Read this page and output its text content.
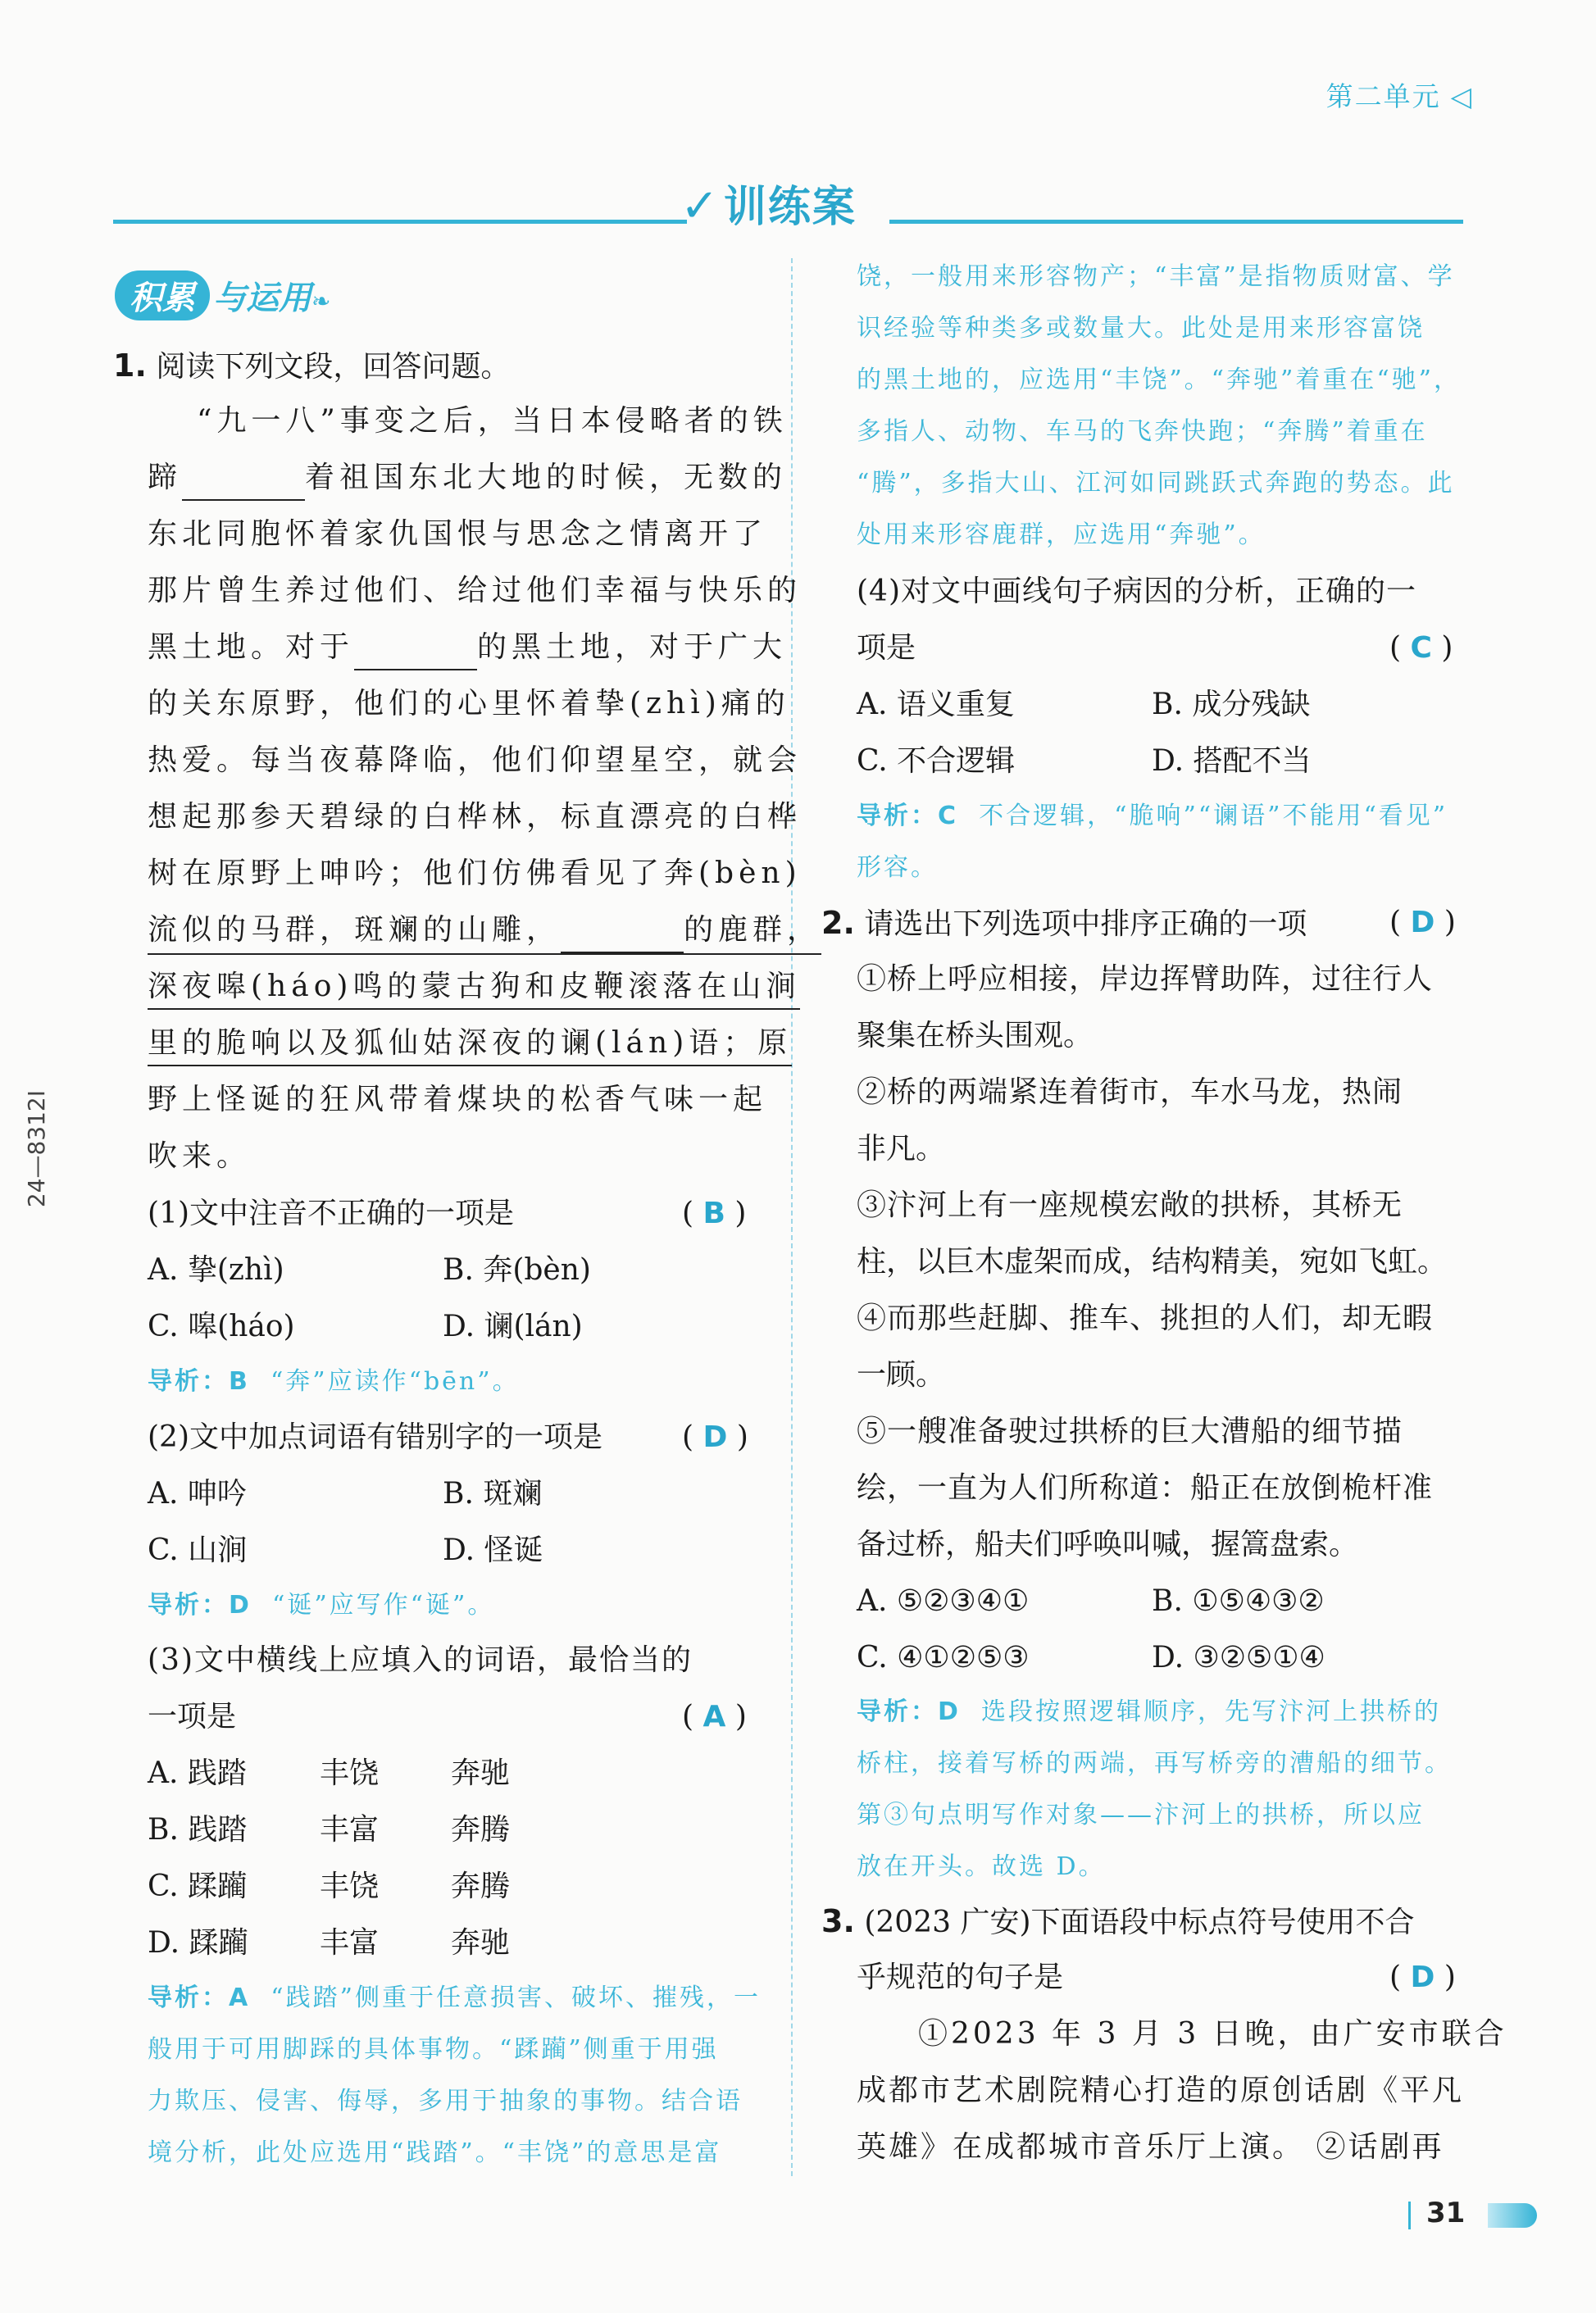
第二单元 ◁
✓训练案
积累 与运用❧
24—8312I
1. 阅读下列文段，回答问题。
“九一八”事变之后，当日本侵略者的铁
蹄	着祖国东北大地的时候，无数的
东北同胞怀着家仇国恨与思念之情离开了
那片曾生养过他们、给过他们幸福与快乐的
黑土地。对于	的黑土地，对于广大
的关东原野，他们的心里怀着挚(zhì)痛的
热爱。每当夜幕降临，他们仰望星空，就会
想起那参天碧绿的白桦林，标直漂亮的白桦
树在原野上呻吟；他们仿佛看见了奔(bèn)
流似的马群，斑斓的山雕，	的鹿群，
深夜嗥(háo)鸣的蒙古狗和皮鞭滚落在山涧
里的脆响以及狐仙姑深夜的谰(lán)语；原
野上怪诞的狂风带着煤块的松香气味一起
吹来。
(1)文中注音不正确的一项是	( B )
A. 挚(zhì)	B. 奔(bèn)
C. 嗥(háo)	D. 谰(lán)
导析：B “奔”应读作“bēn”。
(2)文中加点词语有错别字的一项是	( D )
A. 呻吟	B. 斑斓
C. 山涧	D. 怪诞
导析：D “诞”应写作“诞”。
(3)文中横线上应填入的词语，最恰当的
一项是	( A )
A. 践踏 丰饶 奔驰
B. 践踏 丰富 奔腾
C. 蹂躏 丰饶 奔腾
D. 蹂躏 丰富 奔驰
导析：A “践踏”侧重于任意损害、破坏、摧残，一
般用于可用脚踩的具体事物。“蹂躏”侧重于用强
力欺压、侵害、侮辱，多用于抽象的事物。结合语
境分析，此处应选用“践踏”。“丰饶”的意思是富
饶，一般用来形容物产；“丰富”是指物质财富、学
识经验等种类多或数量大。此处是用来形容富饶
的黑土地的，应选用“丰饶”。“奔驰”着重在“驰”，
多指人、动物、车马的飞奔快跑；“奔腾”着重在
“腾”，多指大山、江河如同跳跃式奔跑的势态。此
处用来形容鹿群，应选用“奔驰”。
(4)对文中画线句子病因的分析，正确的一
项是	( C )
A. 语义重复	B. 成分残缺
C. 不合逻辑	D. 搭配不当
导析：C 不合逻辑，“脆响”“谰语”不能用“看见”
形容。
2. 请选出下列选项中排序正确的一项	( D )
①桥上呼应相接，岸边挥臂助阵，过往行人
聚集在桥头围观。
②桥的两端紧连着街市，车水马龙，热闹
非凡。
③汴河上有一座规模宏敞的拱桥，其桥无
柱，以巨木虚架而成，结构精美，宛如飞虹。
④而那些赶脚、推车、挑担的人们，却无暇
一顾。
⑤一艘准备驶过拱桥的巨大漕船的细节描
绘，一直为人们所称道：船正在放倒桅杆准
备过桥，船夫们呼唤叫喊，握篙盘索。
A. ⑤②③④①	B. ①⑤④③②
C. ④①②⑤③	D. ③②⑤①④
导析：D 选段按照逻辑顺序，先写汴河上拱桥的
桥柱，接着写桥的两端，再写桥旁的漕船的细节。
第③句点明写作对象——汴河上的拱桥，所以应
放在开头。故选 D。
3. (2023 广安)下面语段中标点符号使用不合
乎规范的句子是	( D )
①2023 年 3 月 3 日晚，由广安市联合
成都市艺术剧院精心打造的原创话剧《平凡
英雄》在成都城市音乐厅上演。 ②话剧再
31
